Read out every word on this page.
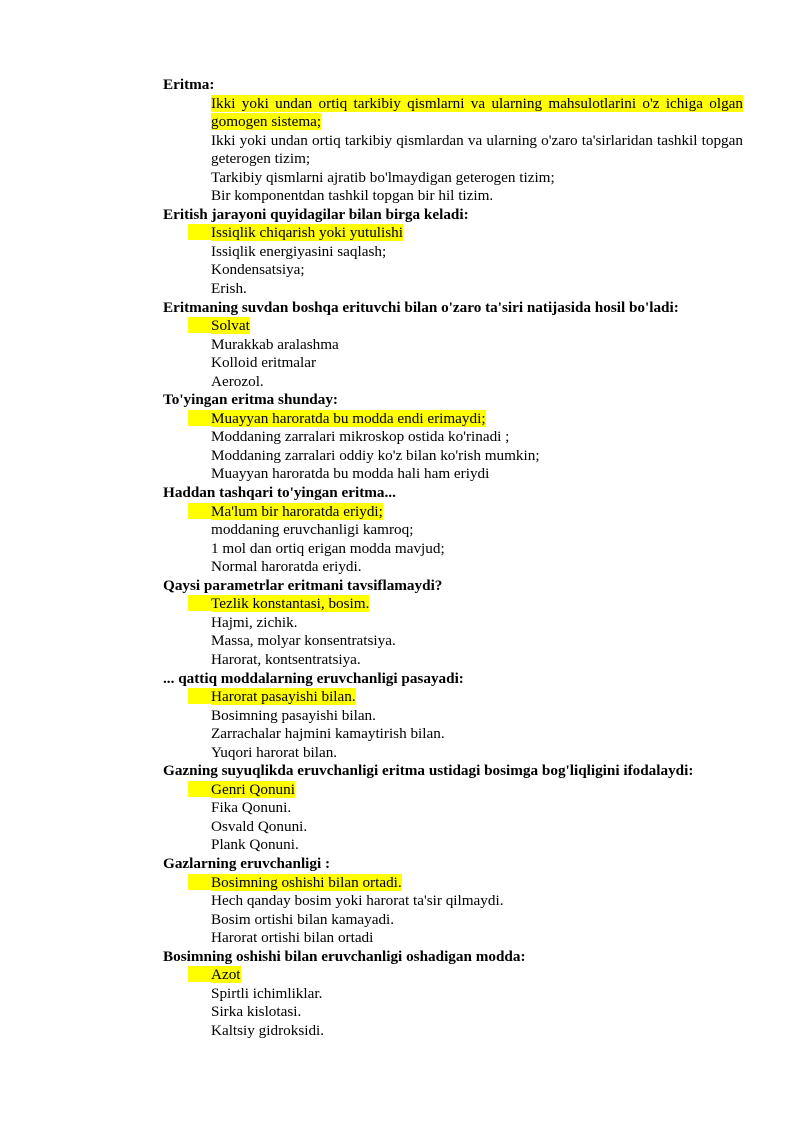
Eritma:

Ikki yoki undan ortiq tarkibiy qismlarni va ularning mahsulotlarini o'z ichiga olgan gomogen sistema;

Ikki yoki undan ortiq tarkibiy qismlardan va ularning o'zaro ta'sirlaridan tashkil topgan geterogen tizim;

Tarkibiy qismlarni ajratib bo'lmaydigan geterogen tizim;

Bir komponentdan tashkil topgan bir hil tizim.

Eritish jarayoni quyidagilar bilan birga keladi:

Issiqlik chiqarish yoki yutulishi

Issiqlik energiyasini saqlash;

Kondensatsiya;

Erish.

Eritmaning suvdan boshqa erituvchi bilan o'zaro ta'siri natijasida hosil bo'ladi:

Solvat

Murakkab aralashma

Kolloid eritmalar

Aerozol.

To'yingan eritma shunday:

Muayyan haroratda bu modda endi erimaydi;

Moddaning zarralari mikroskop ostida ko'rinadi ;

Moddaning zarralari oddiy ko'z bilan ko'rish mumkin;

Muayyan haroratda bu modda hali ham eriydi

Haddan tashqari to'yingan eritma...

Ma'lum bir haroratda eriydi;

moddaning eruvchanligi kamroq;

1 mol dan ortiq erigan modda mavjud;

Normal haroratda eriydi.

Qaysi parametrlar eritmani tavsiflamaydi?

Tezlik konstantasi, bosim.

Hajmi, zichik.

Massa, molyar konsentratsiya.

Harorat, kontsentratsiya.

... qattiq moddalarning eruvchanligi pasayadi:

Harorat pasayishi bilan.

Bosimning pasayishi bilan.

Zarrachalar hajmini kamaytirish bilan.

Yuqori harorat bilan.

Gazning suyuqlikda eruvchanligi eritma ustidagi bosimga bog'liqligini ifodalaydi:

Genri Qonuni

Fika Qonuni.

Osvald Qonuni.

Plank Qonuni.

Gazlarning eruvchanligi :

Bosimning oshishi bilan ortadi.

Hech qanday bosim yoki harorat ta'sir qilmaydi.

Bosim ortishi bilan kamayadi.

Harorat ortishi bilan ortadi

Bosimning oshishi bilan eruvchanligi oshadigan modda:

Azot

Spirtli ichimliklar.

Sirka kislotasi.

Kaltsiy gidroksidi.
